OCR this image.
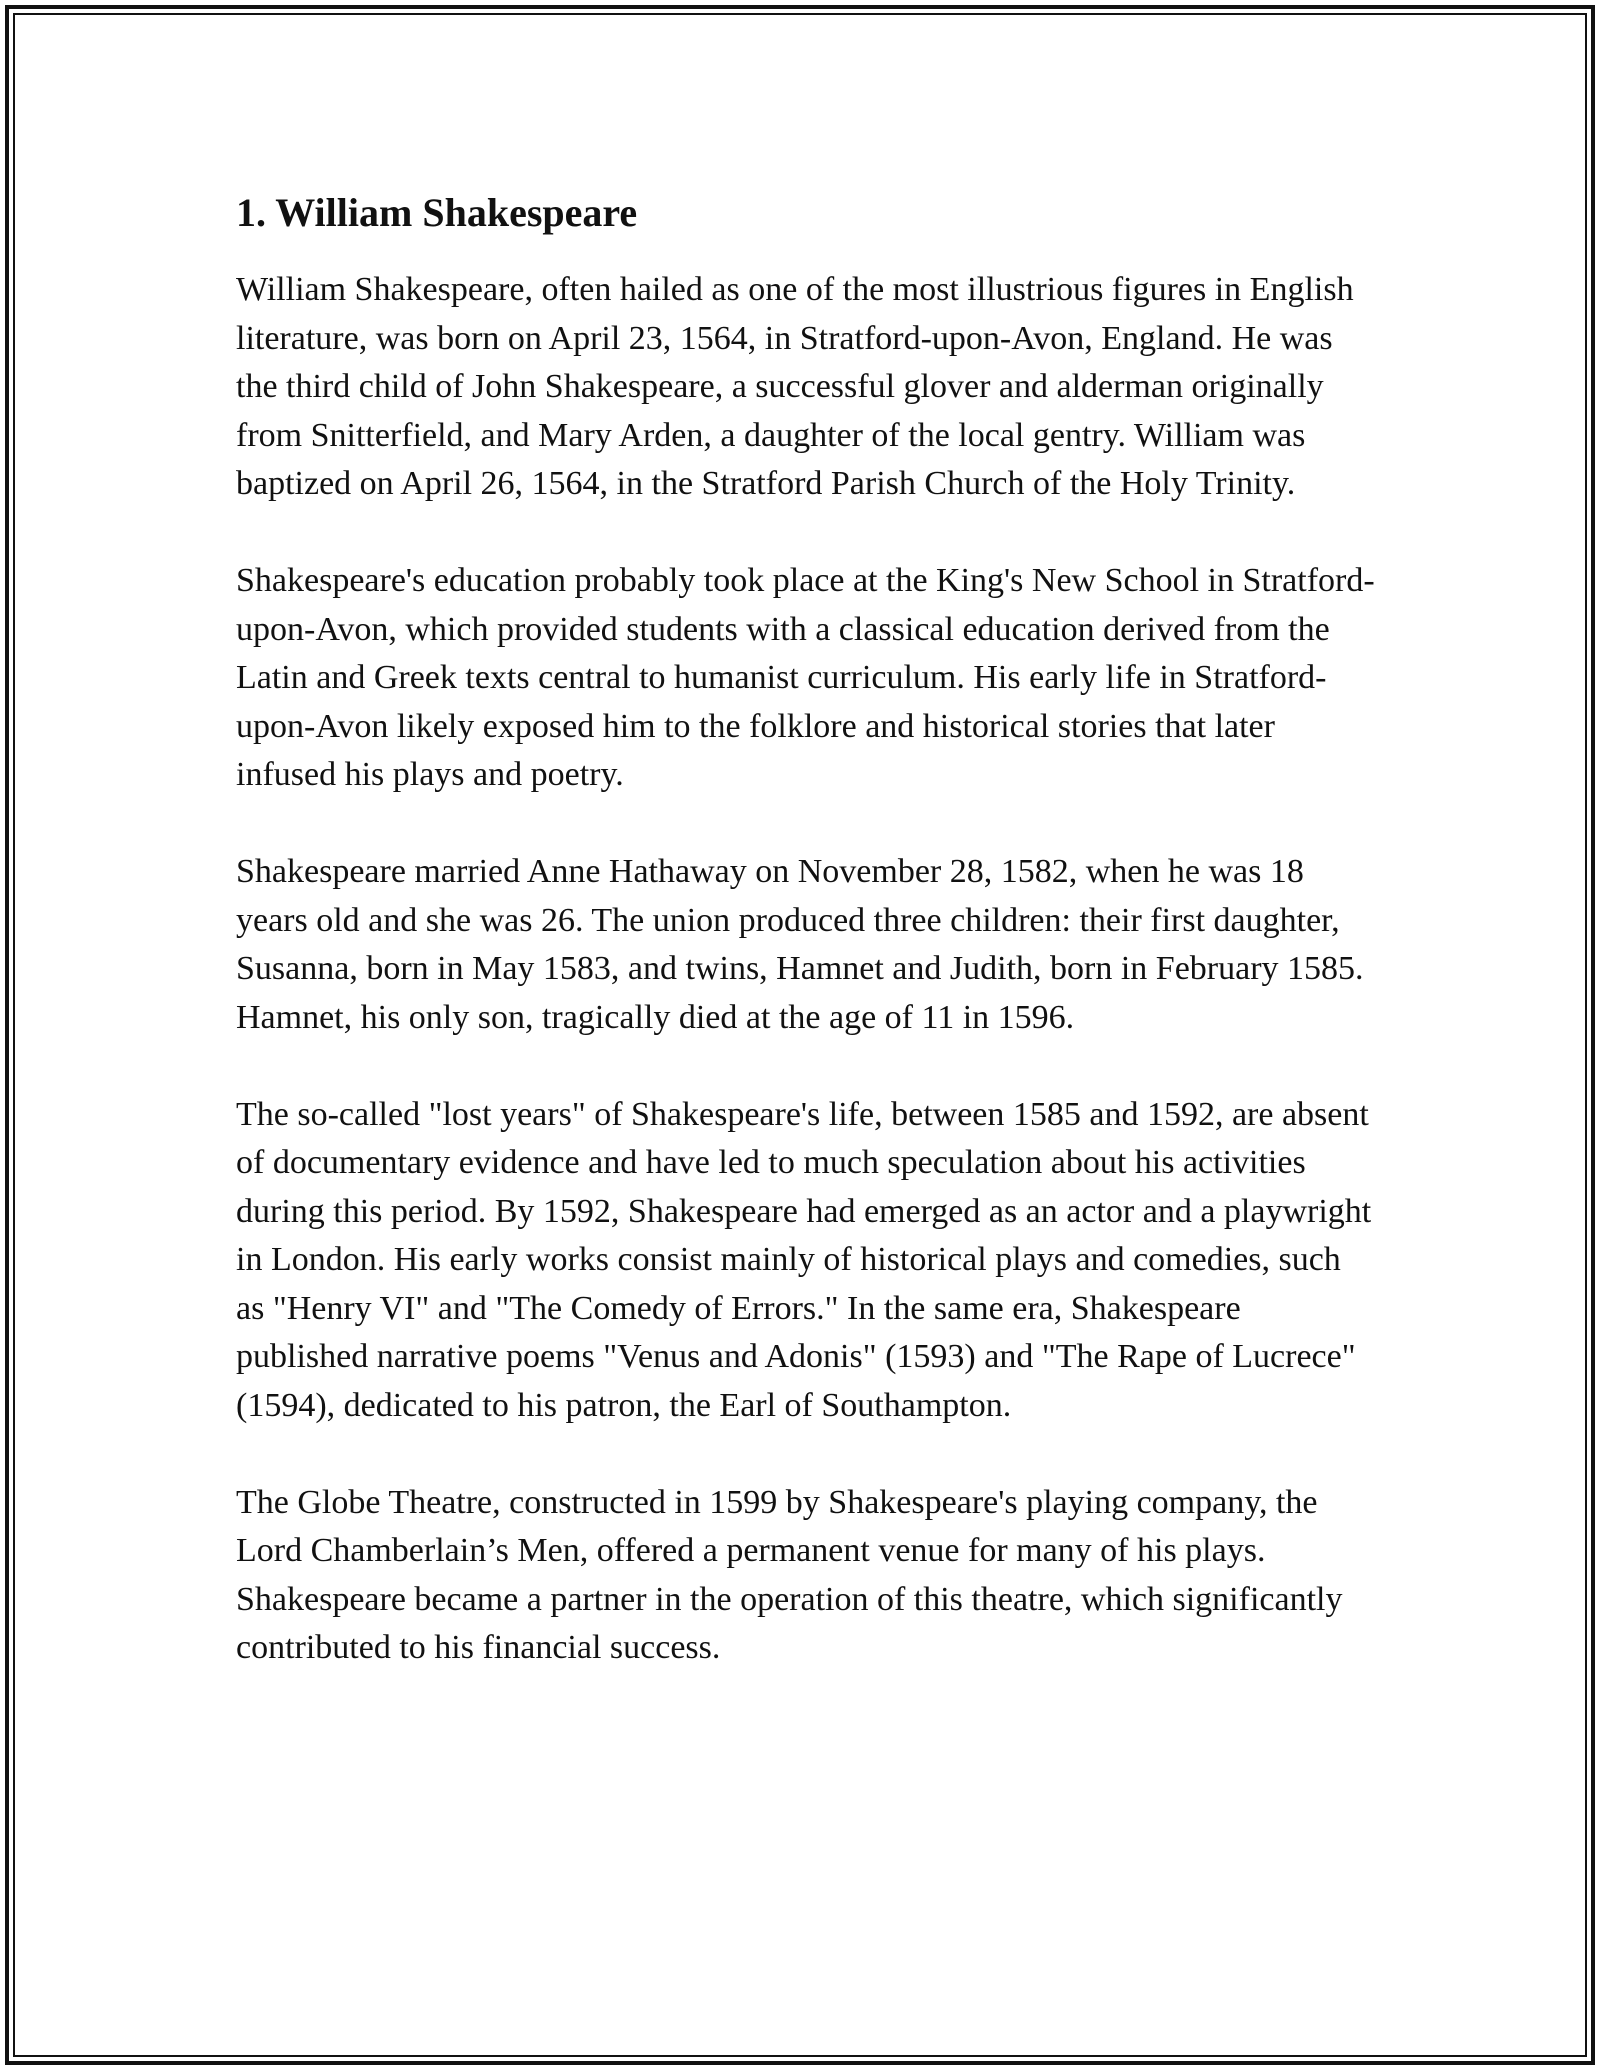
1. William Shakespeare

William Shakespeare, often hailed as one of the most illustrious figures in English literature, was born on April 23, 1564, in Stratford-upon-Avon, England. He was the third child of John Shakespeare, a successful glover and alderman originally from Snitterfield, and Mary Arden, a daughter of the local gentry. William was baptized on April 26, 1564, in the Stratford Parish Church of the Holy Trinity.

Shakespeare's education probably took place at the King's New School in Stratford-upon-Avon, which provided students with a classical education derived from the Latin and Greek texts central to humanist curriculum. His early life in Stratford-upon-Avon likely exposed him to the folklore and historical stories that later infused his plays and poetry.

Shakespeare married Anne Hathaway on November 28, 1582, when he was 18 years old and she was 26. The union produced three children: their first daughter, Susanna, born in May 1583, and twins, Hamnet and Judith, born in February 1585. Hamnet, his only son, tragically died at the age of 11 in 1596.

The so-called "lost years" of Shakespeare's life, between 1585 and 1592, are absent of documentary evidence and have led to much speculation about his activities during this period. By 1592, Shakespeare had emerged as an actor and a playwright in London. His early works consist mainly of historical plays and comedies, such as "Henry VI" and "The Comedy of Errors." In the same era, Shakespeare published narrative poems "Venus and Adonis" (1593) and "The Rape of Lucrece" (1594), dedicated to his patron, the Earl of Southampton.

The Globe Theatre, constructed in 1599 by Shakespeare's playing company, the Lord Chamberlain’s Men, offered a permanent venue for many of his plays. Shakespeare became a partner in the operation of this theatre, which significantly contributed to his financial success.
